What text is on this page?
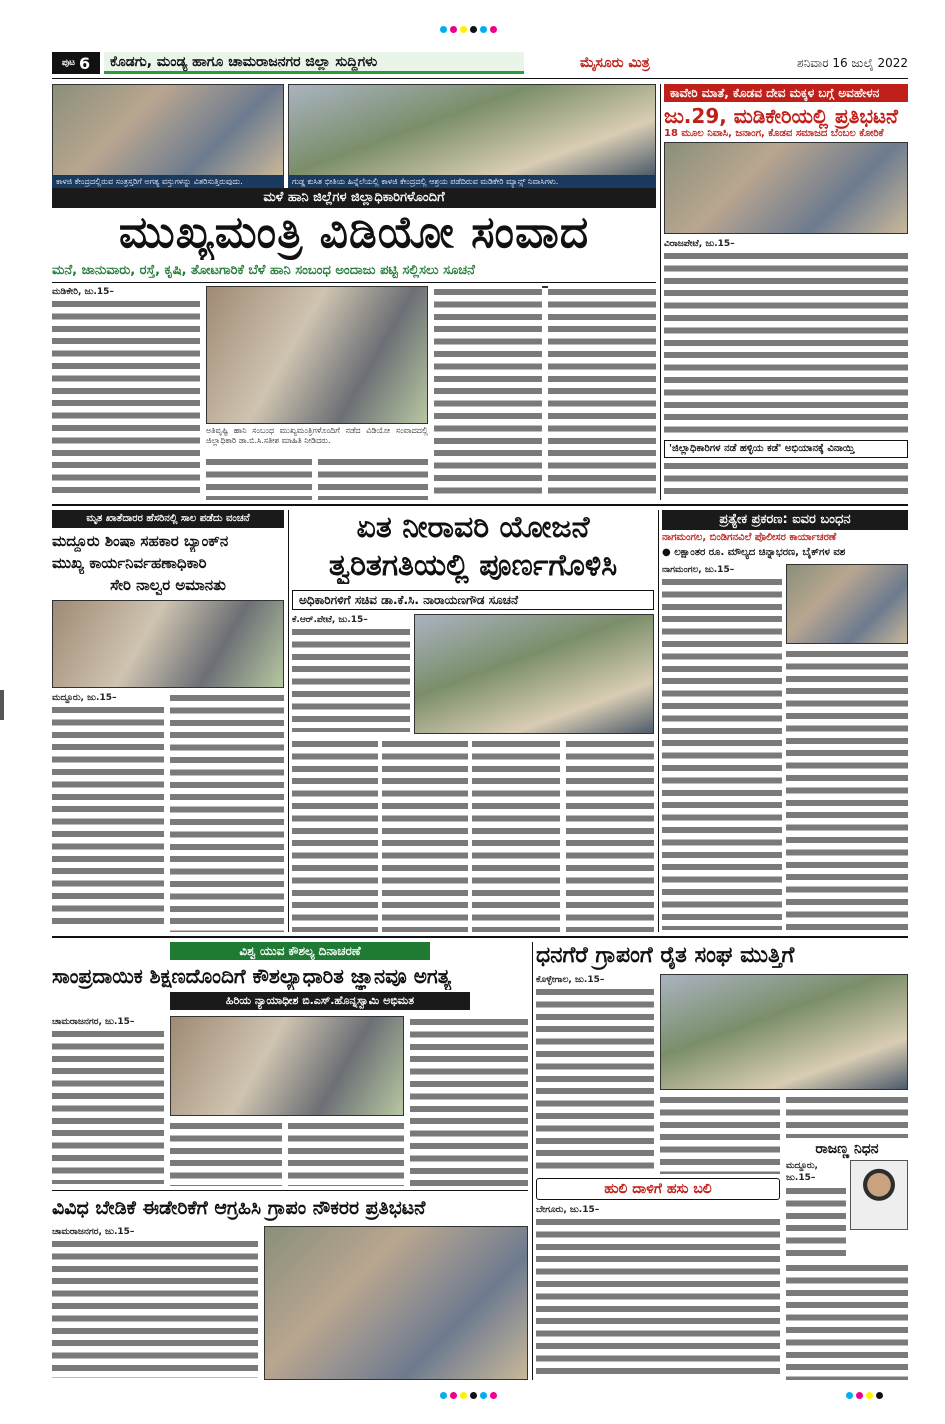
ಪುಟ 6	ಕೊಡಗು, ಮಂಡ್ಯ ಹಾಗೂ ಚಾಮರಾಜನಗರ ಜಿಲ್ಲಾ ಸುದ್ದಿಗಳು	ಮೈಸೂರು ಮಿತ್ರ	ಶನಿವಾರ 16 ಜುಲೈ 2022
ಕಾಳಜಿ ಕೇಂದ್ರದಲ್ಲಿರುವ ಸಂತ್ರಸ್ತರಿಗೆ ಅಗತ್ಯ ವಸ್ತುಗಳನ್ನು ವಿತರಿಸುತ್ತಿರುವುದು.	ಗುಡ್ಡ ಕುಸಿತ ಭೀತಿಯ ಹಿನ್ನೆಲೆಯಲ್ಲಿ ಕಾಳಜಿ ಕೇಂದ್ರದಲ್ಲಿ ಆಶ್ರಯ ಪಡೆದಿರುವ ಮಡಿಕೇರಿ ಮ್ಯಾನ್ಸ್ ನಿವಾಸಿಗಳು.
ಮಳೆ ಹಾನಿ ಜಿಲ್ಲೆಗಳ ಜಿಲ್ಲಾಧಿಕಾರಿಗಳೊಂದಿಗೆ
ಮುಖ್ಯಮಂತ್ರಿ ವಿಡಿಯೋ ಸಂವಾದ
ಮನೆ, ಜಾನುವಾರು, ರಸ್ತೆ, ಕೃಷಿ, ತೋಟಗಾರಿಕೆ ಬೆಳೆ ಹಾನಿ ಸಂಬಂಧ ಅಂದಾಜು ಪಟ್ಟಿ ಸಲ್ಲಿಸಲು ಸೂಚನೆ
ಮಡಿಕೇರಿ, ಜು.15–
ಅತಿವೃಷ್ಟಿ ಹಾನಿ ಸಂಬಂಧ ಮುಖ್ಯಮಂತ್ರಿಗಳೊಂದಿಗೆ ನಡೆದ ವಿಡಿಯೋ ಸಂವಾದದಲ್ಲಿ ಜಿಲ್ಲಾಧಿಕಾರಿ ಡಾ.ಬಿ.ಸಿ.ಸತೀಶ ಮಾಹಿತಿ ನೀಡಿದರು.
ಕಾವೇರಿ ಮಾತೆ, ಕೊಡವ ದೇವ ಮಕ್ಕಳ ಬಗ್ಗೆ ಅವಹೇಳನ
ಜು.29, ಮಡಿಕೇರಿಯಲ್ಲಿ ಪ್ರತಿಭಟನೆ
18 ಮೂಲ ನಿವಾಸಿ, ಜನಾಂಗ, ಕೊಡವ ಸಮಾಜದ ಬೆಂಬಲ ಕೋರಿಕೆ
ವಿರಾಜಪೇಟೆ, ಜು.15–
'ಜಿಲ್ಲಾಧಿಕಾರಿಗಳ ನಡೆ ಹಳ್ಳಿಯ ಕಡೆ' ಅಭಿಯಾನಕ್ಕೆ ವಿನಾಯ್ತಿ
ಮೃತ ಖಾತೆದಾರರ ಹೆಸರಿನಲ್ಲಿ ಸಾಲ ಪಡೆದು ವಂಚನೆ
ಮದ್ದೂರು ಶಿಂಷಾ ಸಹಕಾರ ಬ್ಯಾಂಕ್‌ನ
ಮುಖ್ಯ ಕಾರ್ಯನಿರ್ವಹಣಾಧಿಕಾರಿ
ಸೇರಿ ನಾಲ್ವರ ಅಮಾನತು
ಮದ್ದೂರು, ಜು.15–
ಏತ ನೀರಾವರಿ ಯೋಜನೆ
ತ್ವರಿತಗತಿಯಲ್ಲಿ ಪೂರ್ಣಗೊಳಿಸಿ
ಅಧಿಕಾರಿಗಳಿಗೆ ಸಚಿವ ಡಾ.ಕೆ.ಸಿ. ನಾರಾಯಣಗೌಡ ಸೂಚನೆ
ಕೆ.ಆರ್.ಪೇಟೆ, ಜು.15–
ಪ್ರತ್ಯೇಕ ಪ್ರಕರಣ: ಐವರ ಬಂಧನ
ನಾಗಮಂಗಲ, ಬಿಂಡಿಗನವಿಲೆ ಪೊಲೀಸರ ಕಾರ್ಯಾಚರಣೆ
● ಲಕ್ಷಾಂತರ ರೂ. ಮೌಲ್ಯದ ಚಿನ್ನಾಭರಣ, ಬೈಕ್‌ಗಳ ವಶ
ನಾಗಮಂಗಲ, ಜು.15–
ವಿಶ್ವ ಯುವ ಕೌಶಲ್ಯ ದಿನಾಚರಣೆ
ಸಾಂಪ್ರದಾಯಿಕ ಶಿಕ್ಷಣದೊಂದಿಗೆ ಕೌಶಲ್ಯಾಧಾರಿತ ಜ್ಞಾನವೂ ಅಗತ್ಯ
ಹಿರಿಯ ನ್ಯಾಯಾಧೀಶ ಬಿ.ಎಸ್.ಹೊನ್ನಸ್ವಾಮಿ ಅಭಿಮತ
ಚಾಮರಾಜನಗರ, ಜು.15–
ವಿವಿಧ ಬೇಡಿಕೆ ಈಡೇರಿಕೆಗೆ ಆಗ್ರಹಿಸಿ ಗ್ರಾಪಂ ನೌಕರರ ಪ್ರತಿಭಟನೆ
ಚಾಮರಾಜನಗರ, ಜು.15–
ಧನಗೆರೆ ಗ್ರಾಪಂಗೆ ರೈತ ಸಂಘ ಮುತ್ತಿಗೆ
ಕೊಳ್ಳೇಗಾಲ, ಜು.15–
ರಾಜಣ್ಣ ನಿಧನ
ಮದ್ದೂರು, ಜು.15–
ಹುಲಿ ದಾಳಿಗೆ ಹಸು ಬಲಿ
ಬೇಗೂರು, ಜು.15–
